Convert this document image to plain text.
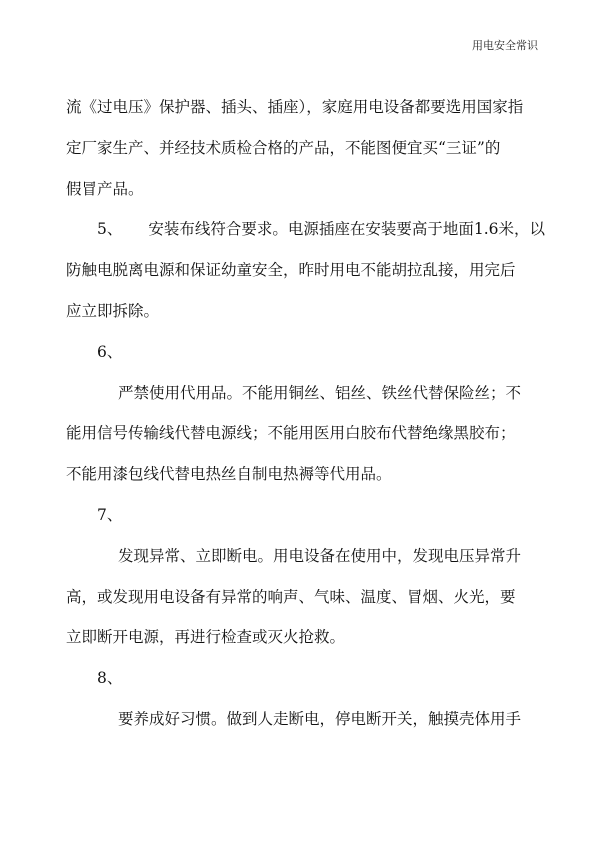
用电安全常识
流《过电压》保护器、插头、插座），家庭用电设备都要选用国家指
定厂家生产、并经技术质检合格的产品，不能图便宜买“三证”的
假冒产品。
5、 安装布线符合要求。电源插座在安装要高于地面1.6米，以
防触电脱离电源和保证幼童安全，昨时用电不能胡拉乱接，用完后
应立即拆除。
6、
严禁使用代用品。不能用铜丝、铝丝、铁丝代替保险丝；不
能用信号传输线代替电源线；不能用医用白胶布代替绝缘黑胶布；
不能用漆包线代替电热丝自制电热褥等代用品。
7、
发现异常、立即断电。用电设备在使用中，发现电压异常升
高，或发现用电设备有异常的响声、气味、温度、冒烟、火光，要
立即断开电源，再进行检查或灭火抢救。
8、
要养成好习惯。做到人走断电，停电断开关，触摸壳体用手
